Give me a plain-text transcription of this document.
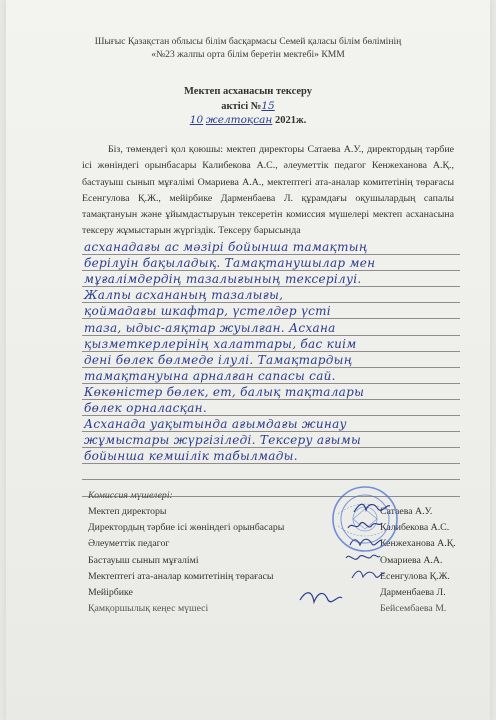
Шығыс Қазақстан облысы білім басқармасы Семей қаласы білім бөлімінің
«№23 жалпы орта білім беретін мектебі» КММ
Мектеп асханасын тексеру
актісі №15
10 желтоқсан 2021ж.
Біз, төмендегі қол қоюшы: мектеп директоры Сатаева А.У., директордың тәрбие ісі жөніндегі орынбасары Калибекова А.С., әлеуметтік педагог Кенжеханова А.Қ., бастауыш сынып мұғалімі Омариева А.А., мектептегі ата-аналар комитетінің төрағасы Есенгулова Қ.Ж., мейірбике Дарменбаева Л. құрамдағы оқушылардың сапалы тамақтануын және ұйымдастыруын тексеретін комиссия мүшелері мектеп асханасына тексеру жұмыстарын жүргіздік. Тексеру барысында
асханадағы ас мәзірі бойынша тамақтың
берілуін бақыладық. Тамақтанушылар мен
мұғалімдердің тазалығының тексерілуі.
Жалпы асхананың тазалығы,
қоймадағы шкафтар, үстелдер үсті
таза, ыдыс-аяқтар жуылған. Асхана
қызметкерлерінің халаттары, бас киім
дені бөлек бөлмеде ілулі. Тамақтардың
тамақтануына арналған сапасы сай.
Көкөністер бөлек, ет, балық тақталары
бөлек орналасқан.
Асханада уақытында ағымдағы жинау
жұмыстары жүргізіледі. Тексеру ағымы
бойынша кемшілік табылмады.
Комиссия мүшелері:
Мектеп директоры	Сатаева А.У.
Директордың тәрбие ісі жөніндегі орынбасары	Калибекова А.С.
Әлеуметтік педагог	Кенжеханова А.Қ.
Бастауыш сынып мұғалімі	Омариева А.А.
Мектептегі ата-аналар комитетінің төрағасы	Есенгулова Қ.Ж.
Мейірбике	Дарменбаева Л.
Қамқоршылық кеңес мүшесі	Бейсембаева М.
